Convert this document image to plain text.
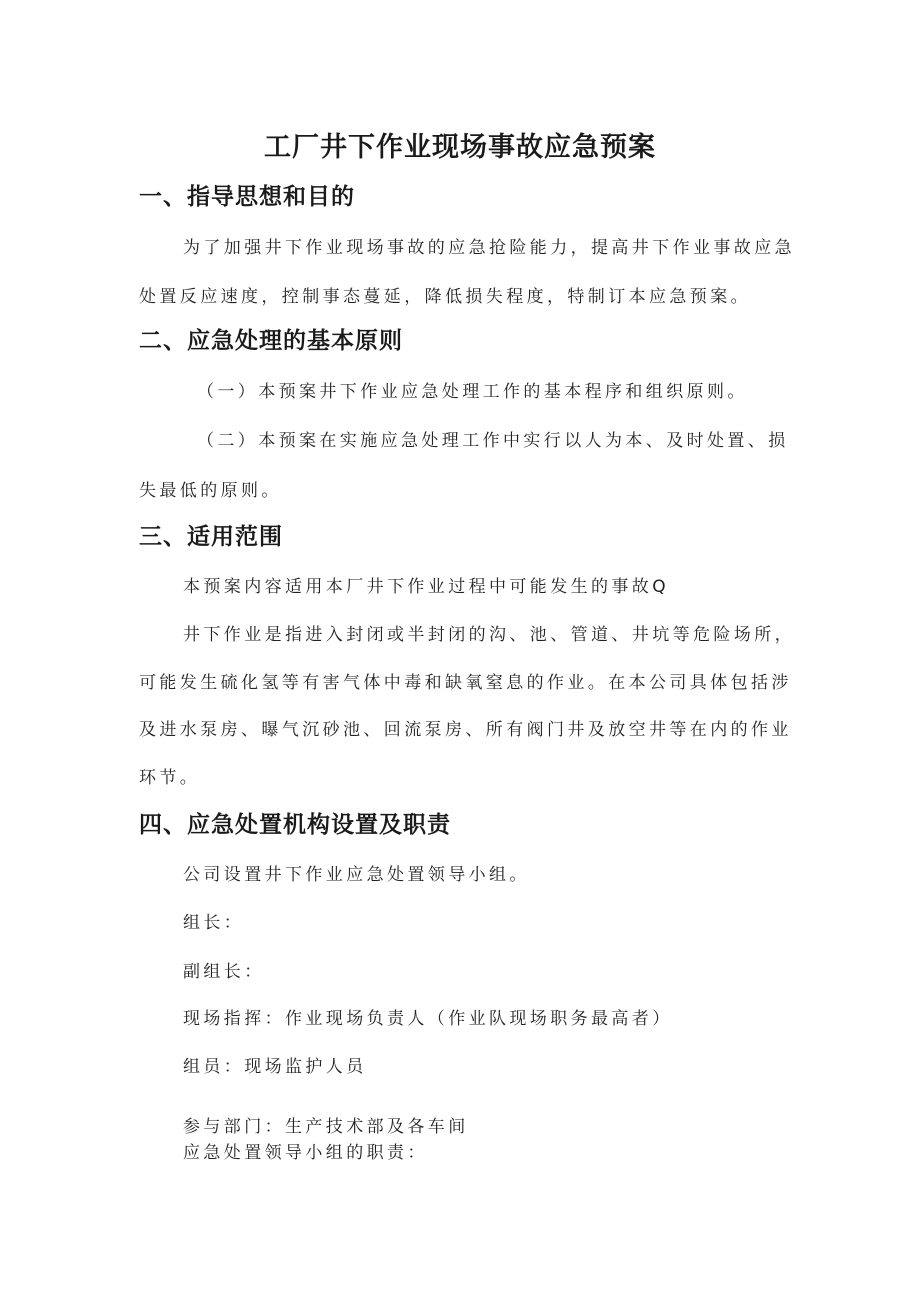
工厂井下作业现场事故应急预案
一、指导思想和目的

为了加强井下作业现场事故的应急抢险能力，提高井下作业事故应急

处置反应速度，控制事态蔓延，降低损失程度，特制订本应急预案。

二、应急处理的基本原则

（一）本预案井下作业应急处理工作的基本程序和组织原则。

（二）本预案在实施应急处理工作中实行以人为本、及时处置、损

失最低的原则。

三、适用范围

本预案内容适用本厂井下作业过程中可能发生的事故Q

井下作业是指进入封闭或半封闭的沟、池、管道、井坑等危险场所，

可能发生硫化氢等有害气体中毒和缺氧窒息的作业。在本公司具体包括涉

及进水泵房、曝气沉砂池、回流泵房、所有阀门井及放空井等在内的作业

环节。

四、应急处置机构设置及职责

公司设置井下作业应急处置领导小组。

组长：

副组长：

现场指挥：作业现场负责人（作业队现场职务最高者）

组员：现场监护人员

参与部门：生产技术部及各车间

应急处置领导小组的职责：
